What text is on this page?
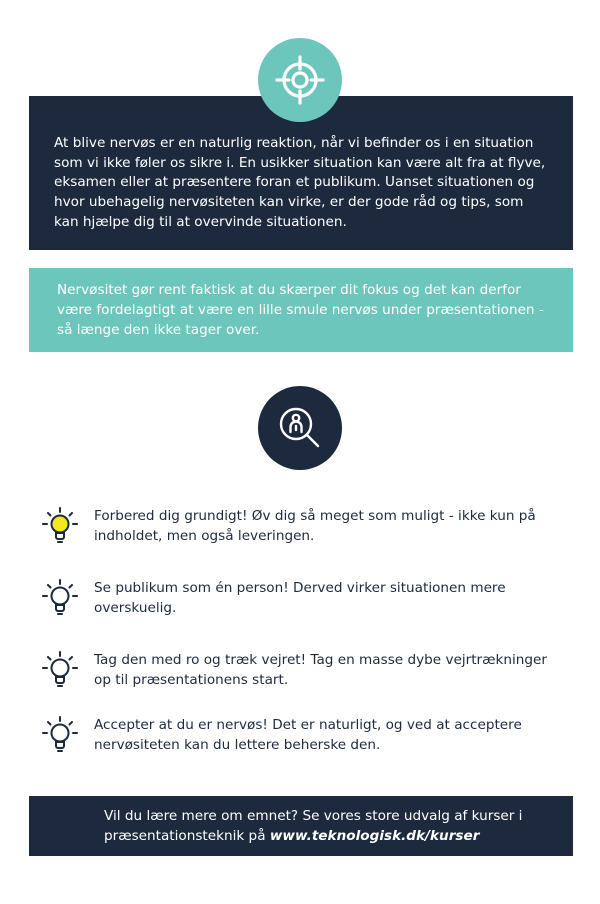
At blive nervøs er en naturlig reaktion, når vi befinder os i en situation som vi ikke føler os sikre i. En usikker situation kan være alt fra at flyve, eksamen eller at præsentere foran et publikum. Uanset situationen og hvor ubehagelig nervøsiteten kan virke, er der gode råd og tips, som kan hjælpe dig til at overvinde situationen.
Nervøsitet gør rent faktisk at du skærper dit fokus og det kan derfor være fordelagtigt at være en lille smule nervøs under præsentationen - så længe den ikke tager over.
Forbered dig grundigt! Øv dig så meget som muligt - ikke kun på indholdet, men også leveringen.
Se publikum som én person! Derved virker situationen mere overskuelig.
Tag den med ro og træk vejret! Tag en masse dybe vejrtrækninger op til præsentationens start.
Accepter at du er nervøs! Det er naturligt, og ved at acceptere nervøsiteten kan du lettere beherske den.
Vil du lære mere om emnet? Se vores store udvalg af kurser i præsentationsteknik på www.teknologisk.dk/kurser
